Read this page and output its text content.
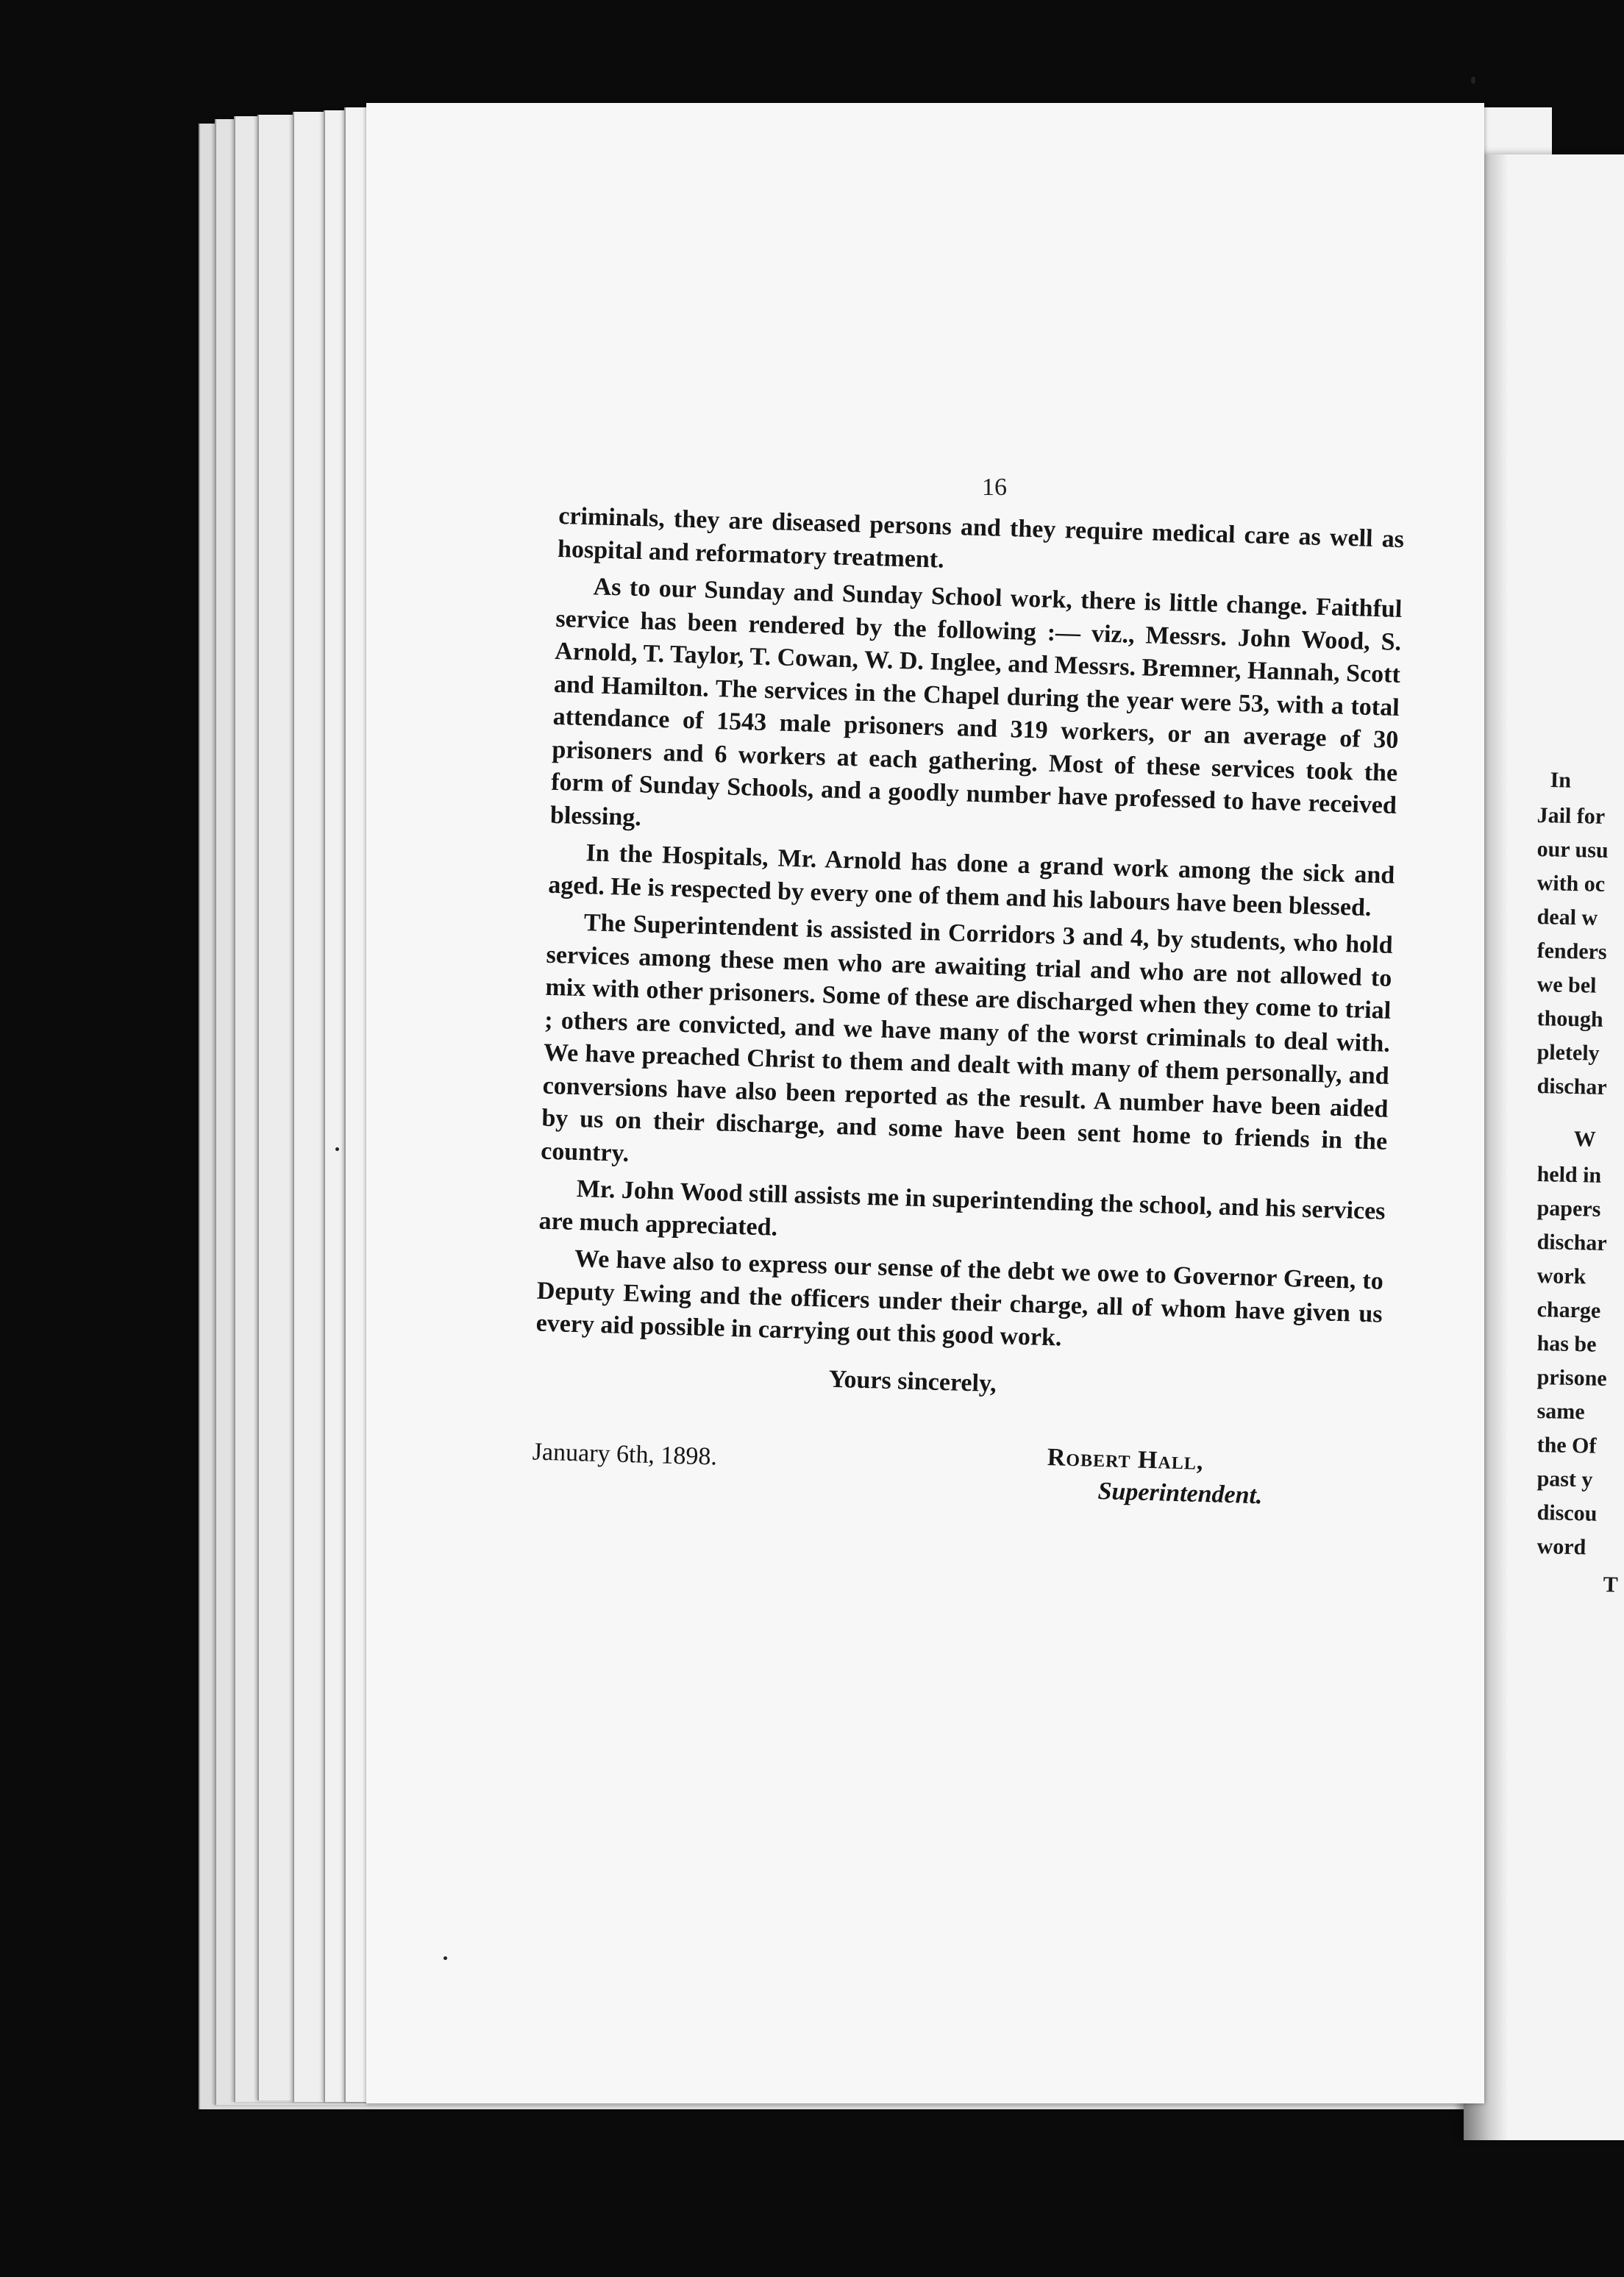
In
Jail for
our usu
with oc
deal w
fenders
we bel
though
pletely
dischar
W
held in
papers
dischar
work
charge
has be
prisone
same
the Of
past y
discou
word
T
16

criminals, they are diseased persons and they require medical care as well as hospital and reformatory treatment.

As to our Sunday and Sunday School work, there is little change. Faithful service has been rendered by the following :— viz., Messrs. John Wood, S. Arnold, T. Taylor, T. Cowan, W. D. Inglee, and Messrs. Bremner, Hannah, Scott and Hamilton. The services in the Chapel during the year were 53, with a total attendance of 1543 male prisoners and 319 workers, or an average of 30 prisoners and 6 workers at each gathering. Most of these services took the form of Sunday Schools, and a goodly number have professed to have received blessing.

In the Hospitals, Mr. Arnold has done a grand work among the sick and aged. He is respected by every one of them and his labours have been blessed.

The Superintendent is assisted in Corridors 3 and 4, by students, who hold services among these men who are awaiting trial and who are not allowed to mix with other prisoners. Some of these are discharged when they come to trial ; others are convicted, and we have many of the worst criminals to deal with. We have preached Christ to them and dealt with many of them personally, and conversions have also been reported as the result. A number have been aided by us on their discharge, and some have been sent home to friends in the country.

Mr. John Wood still assists me in superintending the school, and his services are much appreciated.

We have also to express our sense of the debt we owe to Governor Green, to Deputy Ewing and the officers under their charge, all of whom have given us every aid possible in carrying out this good work.

Yours sincerely,
January 6th, 1898.	Robert Hall,
Superintendent.
